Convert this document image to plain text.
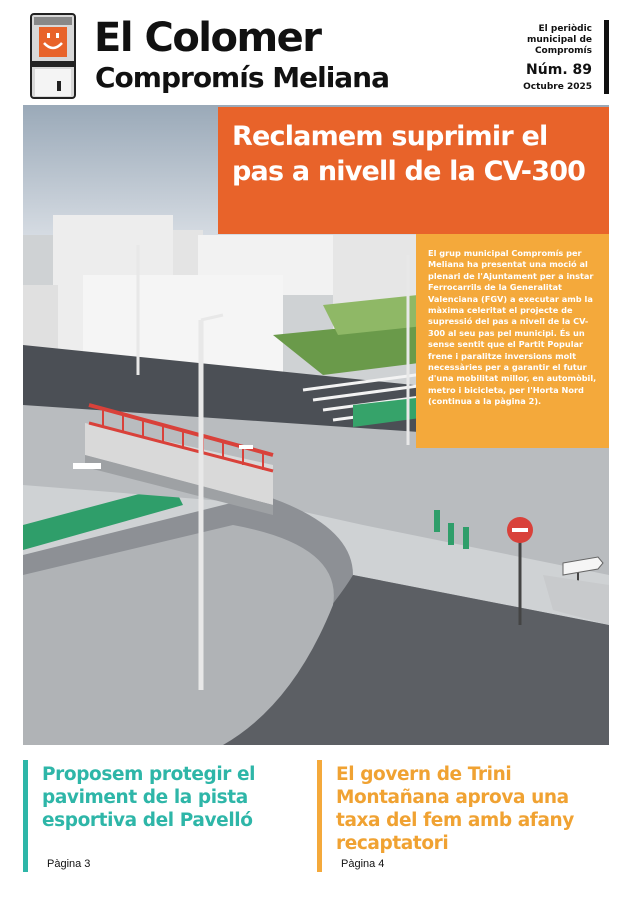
El Colomer
Compromís Meliana
El periòdic municipal de Compromís
Núm. 89
Octubre 2025
Reclamem suprimir el pas a nivell de la CV-300
El grup municipal Compromís per Meliana ha presentat una moció al plenari de l'Ajuntament per a instar Ferrocarrils de la Generalitat Valenciana (FGV) a executar amb la màxima celeritat el projecte de supressió del pas a nivell de la CV-300 al seu pas pel municipi. És un sense sentit que el Partit Popular frene i paralitze inversions molt necessàries per a garantir el futur d'una mobilitat millor, en automòbil, metro i bicicleta, per l'Horta Nord (continua a la pàgina 2).
Proposem protegir el paviment de la pista esportiva del Pavelló
Pàgina 3
El govern de Trini Montañana aprova una taxa del fem amb afany recaptatori
Pàgina 4
